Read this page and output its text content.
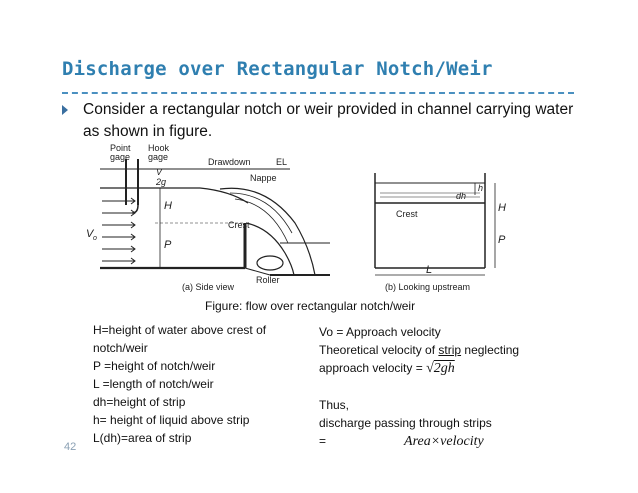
Discharge over Rectangular Notch/Weir
Consider a rectangular notch or weir provided in channel carrying water as shown in figure.
Point
gage
Hook
gage	Drawdown	EL
Nappe
Crest
Roller
(a) Side view
Crest
(b) Looking upstream
H
P
V o
V
2g
dh
h
H
P
L
Figure: flow over rectangular notch/weir
H=height of water above crest of
notch/weir
P =height of notch/weir
L =length of notch/weir
dh=height of strip
h= height of liquid above strip
L(dh)=area of strip
Vo = Approach velocity
Theoretical velocity of strip neglecting
approach velocity = √2gh
Thus,
discharge passing through strips
=	Area×velocity
42
